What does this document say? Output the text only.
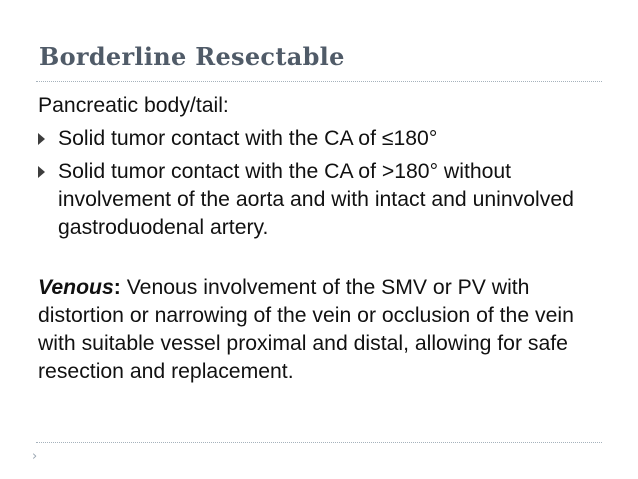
Borderline Resectable

Pancreatic body/tail:

Solid tumor contact with the CA of ≤180°
Solid tumor contact with the CA of >180° without involvement of the aorta and with intact and uninvolved gastroduodenal artery.

Venous: Venous involvement of the SMV or PV with distortion or narrowing of the vein or occlusion of the vein with suitable vessel proximal and distal, allowing for safe resection and replacement.

›
